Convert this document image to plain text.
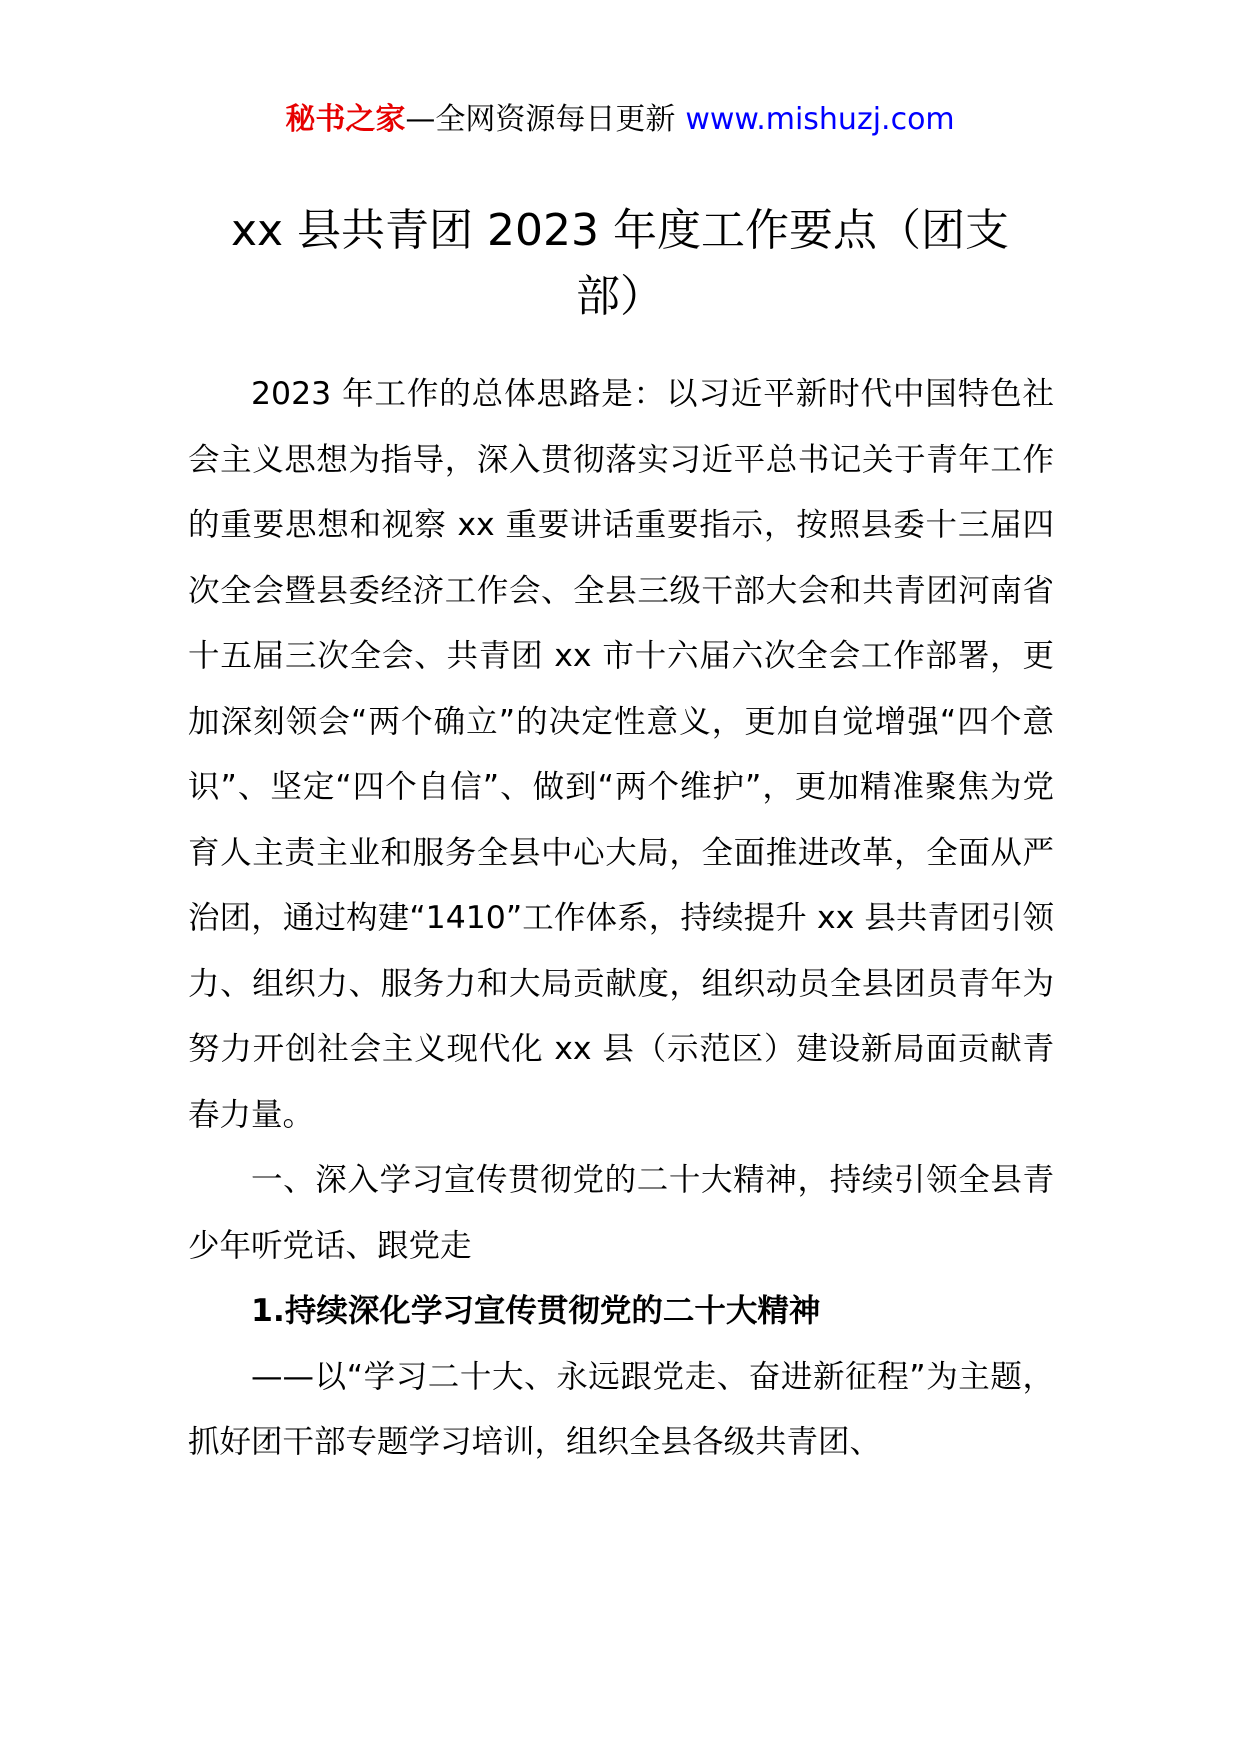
秘书之家—全网资源每日更新 www.mishuzj.com
xx 县共青团 2023 年度工作要点（团支部）

2023 年工作的总体思路是：以习近平新时代中国特色社会主义思想为指导，深入贯彻落实习近平总书记关于青年工作的重要思想和视察 xx 重要讲话重要指示，按照县委十三届四次全会暨县委经济工作会、全县三级干部大会和共青团河南省十五届三次全会、共青团 xx 市十六届六次全会工作部署，更加深刻领会“两个确立”的决定性意义，更加自觉增强“四个意识”、坚定“四个自信”、做到“两个维护”，更加精准聚焦为党育人主责主业和服务全县中心大局，全面推进改革，全面从严治团，通过构建“1410”工作体系，持续提升 xx 县共青团引领力、组织力、服务力和大局贡献度，组织动员全县团员青年为努力开创社会主义现代化 xx 县（示范区）建设新局面贡献青春力量。

一、深入学习宣传贯彻党的二十大精神，持续引领全县青少年听党话、跟党走

1.持续深化学习宣传贯彻党的二十大精神

——以“学习二十大、永远跟党走、奋进新征程”为主题，抓好团干部专题学习培训，组织全县各级共青团、
